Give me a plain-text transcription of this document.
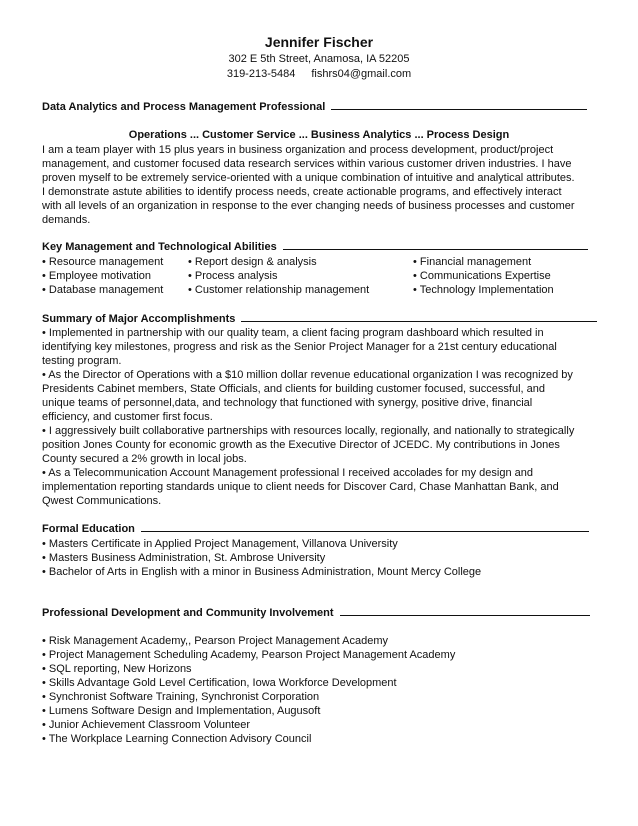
Jennifer Fischer
302 E 5th Street, Anamosa, IA 52205
319-213-5484 fishrs04@gmail.com
Data Analytics and Process Management Professional
Operations ... Customer Service ... Business Analytics ... Process Design
I am a team player with 15 plus years in business organization and process development, product/project
management, and customer focused data research services within various customer driven industries. I have
proven myself to be extremely service-oriented with a unique combination of intuitive and analytical attributes.
I demonstrate astute abilities to identify process needs, create actionable programs, and effectively interact
with all levels of an organization in response to the ever changing needs of business processes and customer
demands.
Key Management and Technological Abilities
• Resource management
• Employee motivation
• Database management
• Report design & analysis
• Process analysis
• Customer relationship management
• Financial management
• Communications Expertise
• Technology Implementation
Summary of Major Accomplishments
• Implemented in partnership with our quality team, a client facing program dashboard which resulted in
identifying key milestones, progress and risk as the Senior Project Manager for a 21st century educational
testing program.
• As the Director of Operations with a $10 million dollar revenue educational organization I was recognized by
Presidents Cabinet members, State Officials, and clients for building customer focused, successful, and
unique teams of personnel,data, and technology that functioned with synergy, positive drive, financial
efficiency, and customer first focus.
• I aggressively built collaborative partnerships with resources locally, regionally, and nationally to strategically
position Jones County for economic growth as the Executive Director of JCEDC. My contributions in Jones
County secured a 2% growth in local jobs.
• As a Telecommunication Account Management professional I received accolades for my design and
implementation reporting standards unique to client needs for Discover Card, Chase Manhattan Bank, and
Qwest Communications.
Formal Education
• Masters Certificate in Applied Project Management, Villanova University
• Masters Business Administration, St. Ambrose University
• Bachelor of Arts in English with a minor in Business Administration, Mount Mercy College
Professional Development and Community Involvement
• Risk Management Academy,, Pearson Project Management Academy
• Project Management Scheduling Academy, Pearson Project Management Academy
• SQL reporting, New Horizons
• Skills Advantage Gold Level Certification, Iowa Workforce Development
• Synchronist Software Training, Synchronist Corporation
• Lumens Software Design and Implementation, Augusoft
• Junior Achievement Classroom Volunteer
• The Workplace Learning Connection Advisory Council
